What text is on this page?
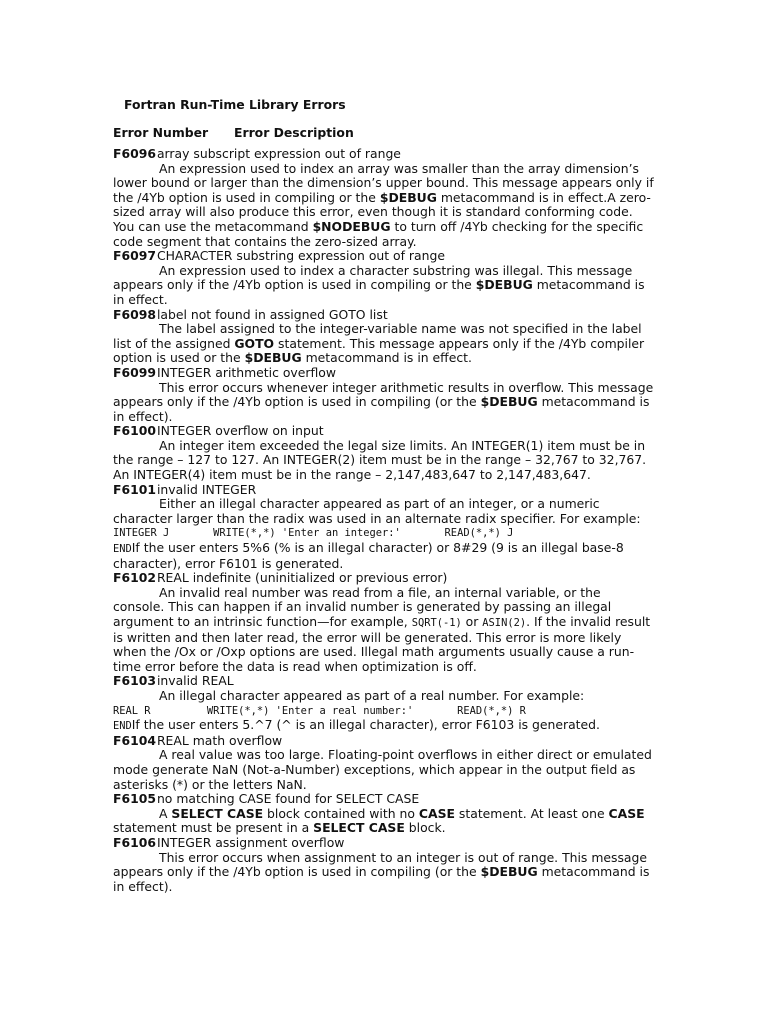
Fortran Run-Time Library Errors
Error Number Error Description
F6096array subscript expression out of range

An expression used to index an array was smaller than the array dimension’s lower bound or larger than the dimension’s upper bound. This message appears only if the /4Yb option is used in compiling or the $DEBUG metacommand is in effect.A zero-sized array will also produce this error, even though it is standard conforming code. You can use the metacommand $NODEBUG to turn off /4Yb checking for the specific code segment that contains the zero-sized array.

F6097CHARACTER substring expression out of range

An expression used to index a character substring was illegal. This message appears only if the /4Yb option is used in compiling or the $DEBUG metacommand is in effect.

F6098label not found in assigned GOTO list

The label assigned to the integer-variable name was not specified in the label list of the assigned GOTO statement. This message appears only if the /4Yb compiler option is used or the $DEBUG metacommand is in effect.

F6099INTEGER arithmetic overflow

This error occurs whenever integer arithmetic results in overflow. This message appears only if the /4Yb option is used in compiling (or the $DEBUG metacommand is in effect).

F6100INTEGER overflow on input

An integer item exceeded the legal size limits. An INTEGER(1) item must be in the range – 127 to 127. An INTEGER(2) item must be in the range – 32,767 to 32,767. An INTEGER(4) item must be in the range – 2,147,483,647 to 2,147,483,647.

F6101invalid INTEGER

Either an illegal character appeared as part of an integer, or a numeric character larger than the radix was used in an alternate radix specifier. For example:

INTEGER J       WRITE(*,*) 'Enter an integer:'       READ(*,*) J
ENDIf the user enters 5%6 (% is an illegal character) or 8#29 (9 is an illegal base-8 character), error F6101 is generated.
F6102REAL indefinite (uninitialized or previous error)

An invalid real number was read from a file, an internal variable, or the console. This can happen if an invalid number is generated by passing an illegal argument to an intrinsic function—for example, SQRT(-1) or ASIN(2). If the invalid result is written and then later read, the error will be generated. This error is more likely when the /Ox or /Oxp options are used. Illegal math arguments usually cause a run-time error before the data is read when optimization is off.

F6103invalid REAL

An illegal character appeared as part of a real number. For example:

REAL R         WRITE(*,*) 'Enter a real number:'       READ(*,*) R
ENDIf the user enters 5.^7 (^ is an illegal character), error F6103 is generated.
F6104REAL math overflow

A real value was too large. Floating-point overflows in either direct or emulated mode generate NaN (Not-a-Number) exceptions, which appear in the output field as asterisks (*) or the letters NaN.

F6105no matching CASE found for SELECT CASE

A SELECT CASE block contained with no CASE statement. At least one CASE statement must be present in a SELECT CASE block.

F6106INTEGER assignment overflow

This error occurs when assignment to an integer is out of range. This message appears only if the /4Yb option is used in compiling (or the $DEBUG metacommand is in effect).
